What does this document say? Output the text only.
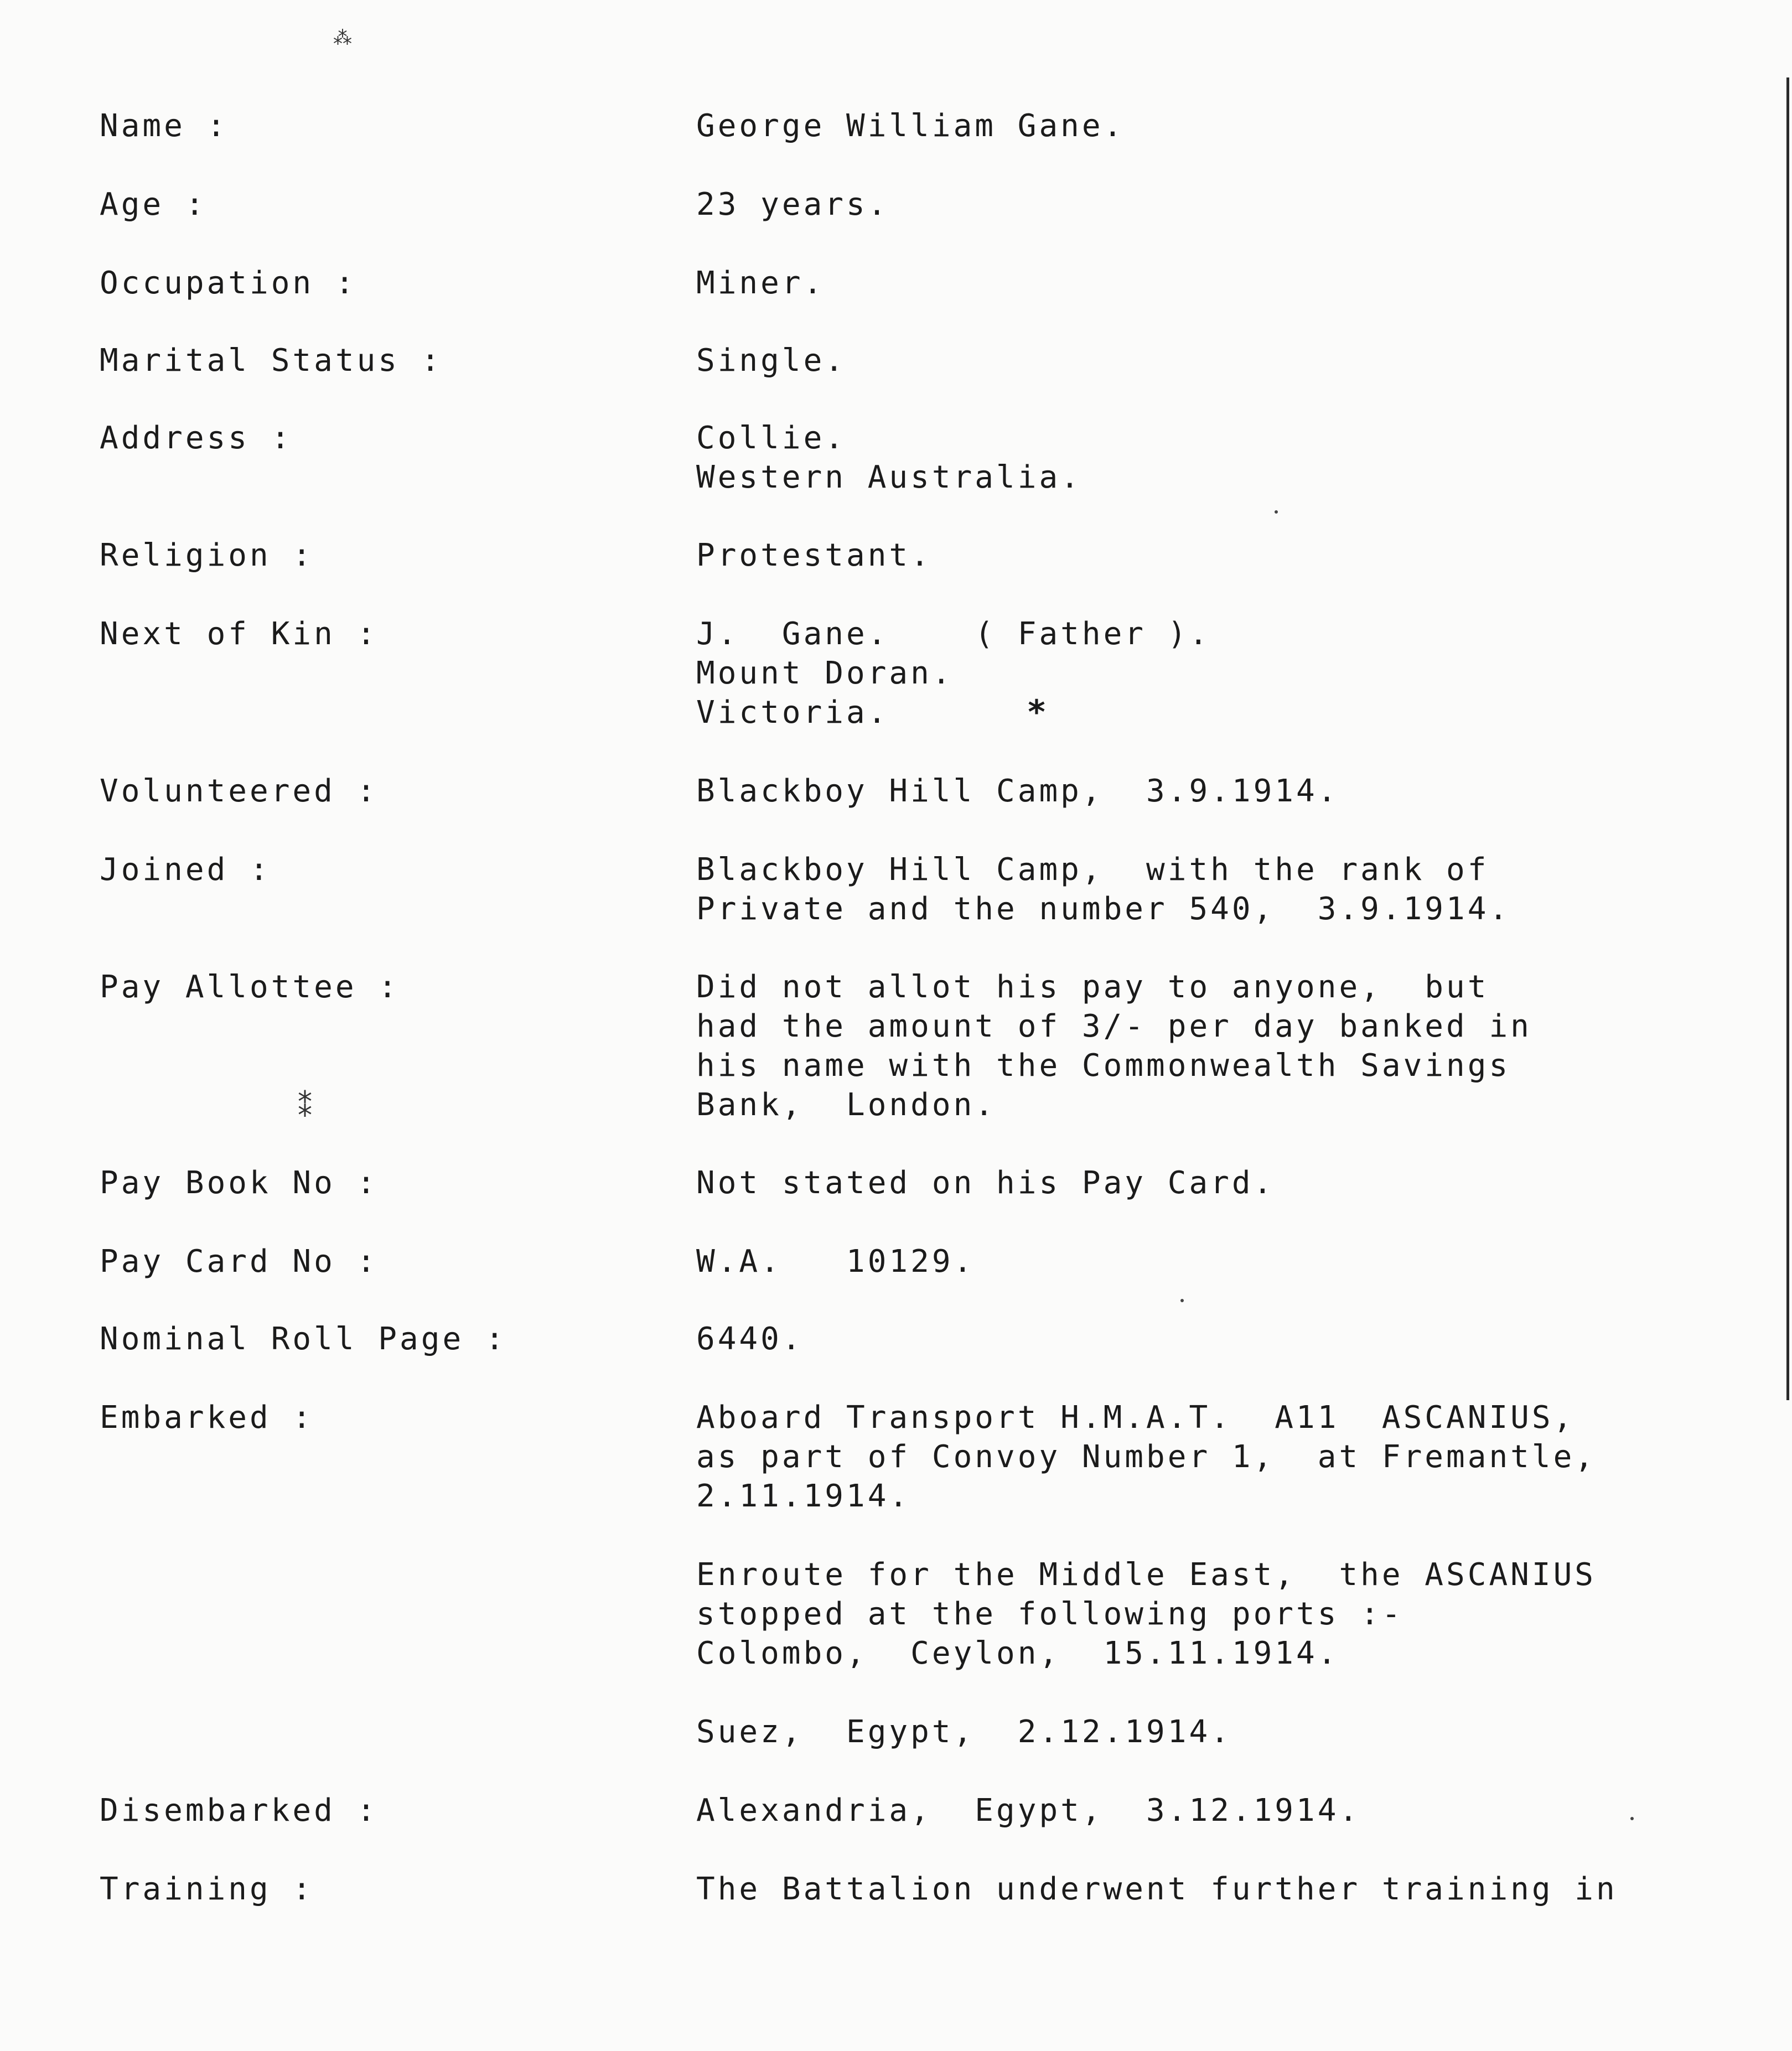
⁂
⁑
Name :	George William Gane.
Age :	23 years.
Occupation :	Miner.
Marital Status :	Single.
Address :	Collie.
Western Australia.
Religion :	Protestant.
Next of Kin :	J.  Gane.    ( Father ).
Mount Doran.
Victoria.	*
Volunteered :	Blackboy Hill Camp,  3.9.1914.
Joined :	Blackboy Hill Camp,  with the rank of
Private and the number 540,  3.9.1914.
Pay Allottee :	Did not allot his pay to anyone,  but
had the amount of 3/- per day banked in
his name with the Commonwealth Savings
Bank,  London.
Pay Book No :	Not stated on his Pay Card.
Pay Card No :	W.A.   10129.
Nominal Roll Page :	6440.
Embarked :	Aboard Transport H.M.A.T.  A11  ASCANIUS,
as part of Convoy Number 1,  at Fremantle,
2.11.1914.
Enroute for the Middle East,  the ASCANIUS
stopped at the following ports :-
Colombo,  Ceylon,  15.11.1914.
Suez,  Egypt,  2.12.1914.
Disembarked :	Alexandria,  Egypt,  3.12.1914.
Training :	The Battalion underwent further training in
